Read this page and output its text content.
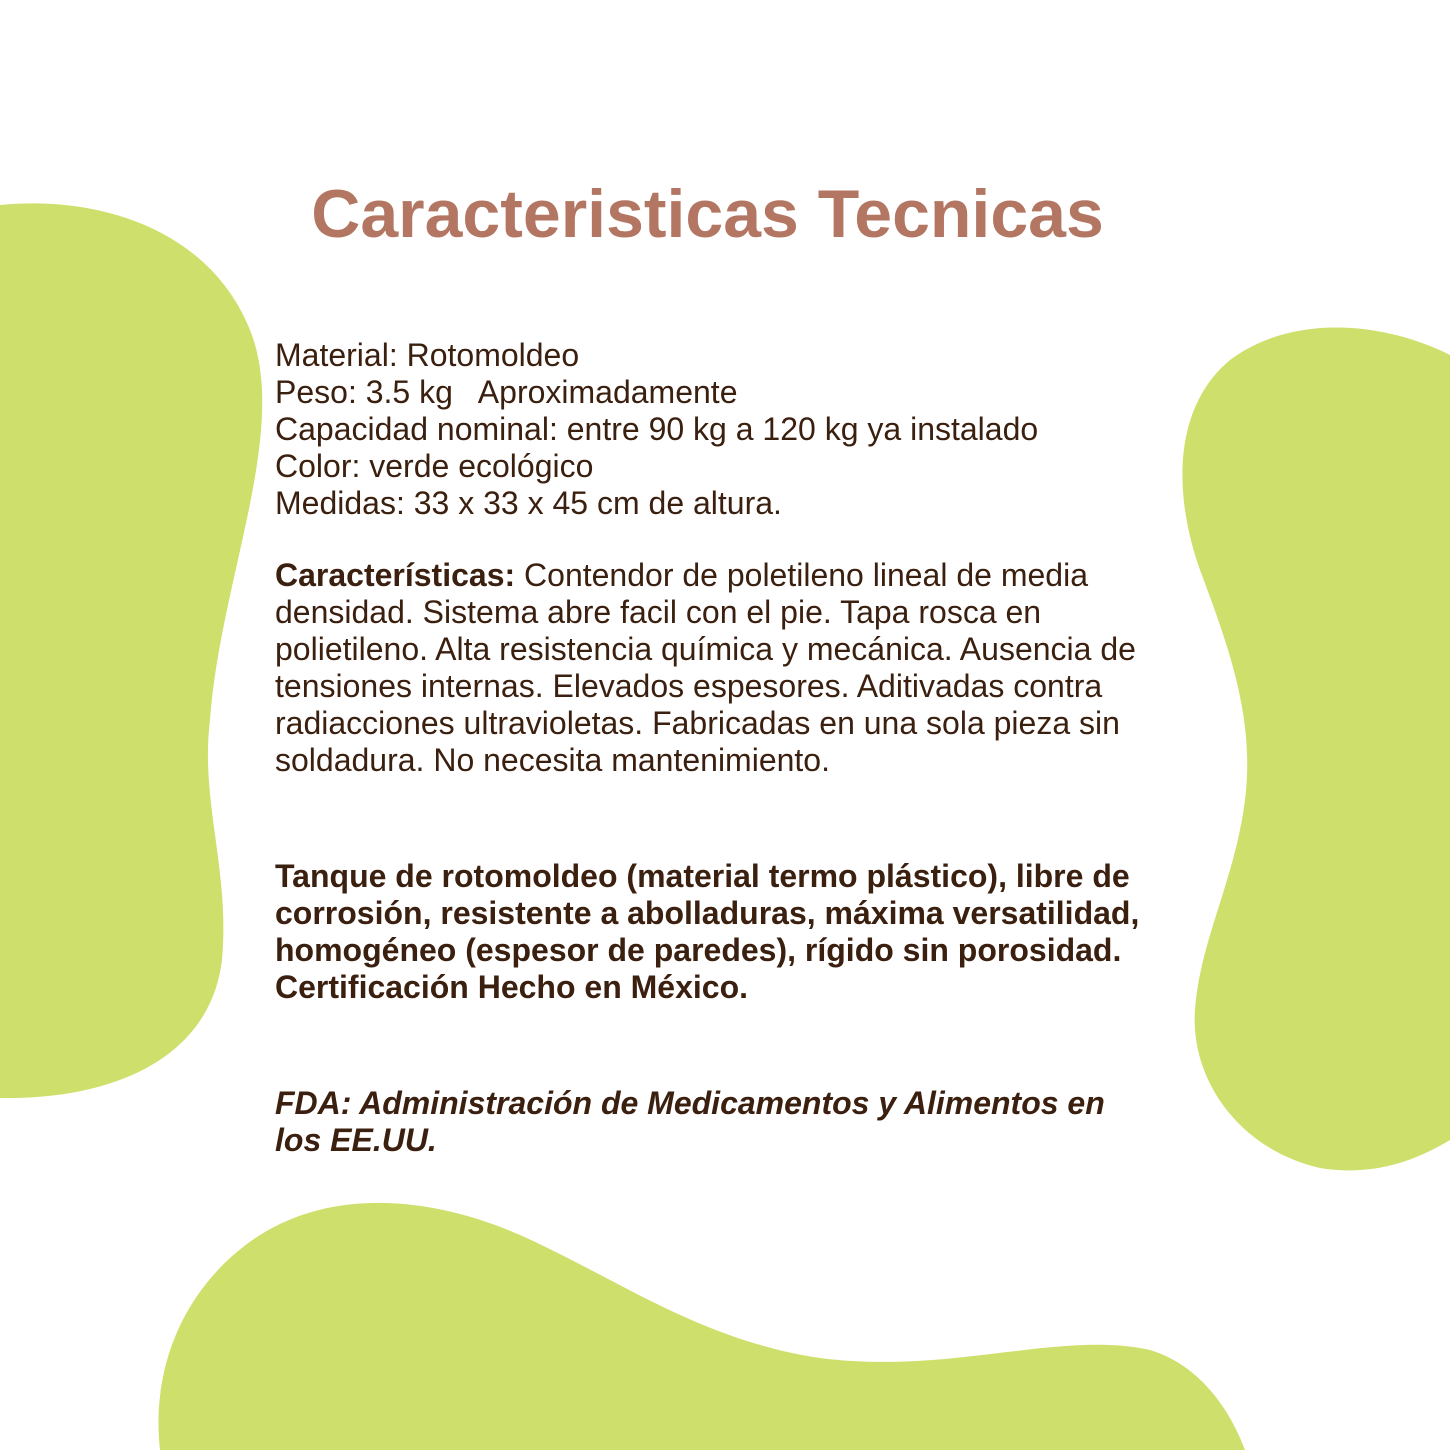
Caracteristicas Tecnicas
Material: Rotomoldeo
Peso: 3.5 kg   Aproximadamente
Capacidad nominal: entre 90 kg a 120 kg ya instalado
Color: verde ecológico
Medidas: 33 x 33 x 45 cm de altura.

Características: Contendor de poletileno lineal de media densidad. Sistema abre facil con el pie. Tapa rosca en polietileno. Alta resistencia química y mecánica. Ausencia de tensiones internas. Elevados espesores. Aditivadas contra radiacciones ultravioletas. Fabricadas en una sola pieza sin soldadura. No necesita mantenimiento.

Tanque de rotomoldeo (material termo plástico), libre de corrosión, resistente a abolladuras, máxima versatilidad, homogéneo (espesor de paredes), rígido sin porosidad. Certificación Hecho en México.

FDA: Administración de Medicamentos y Alimentos en los EE.UU.
